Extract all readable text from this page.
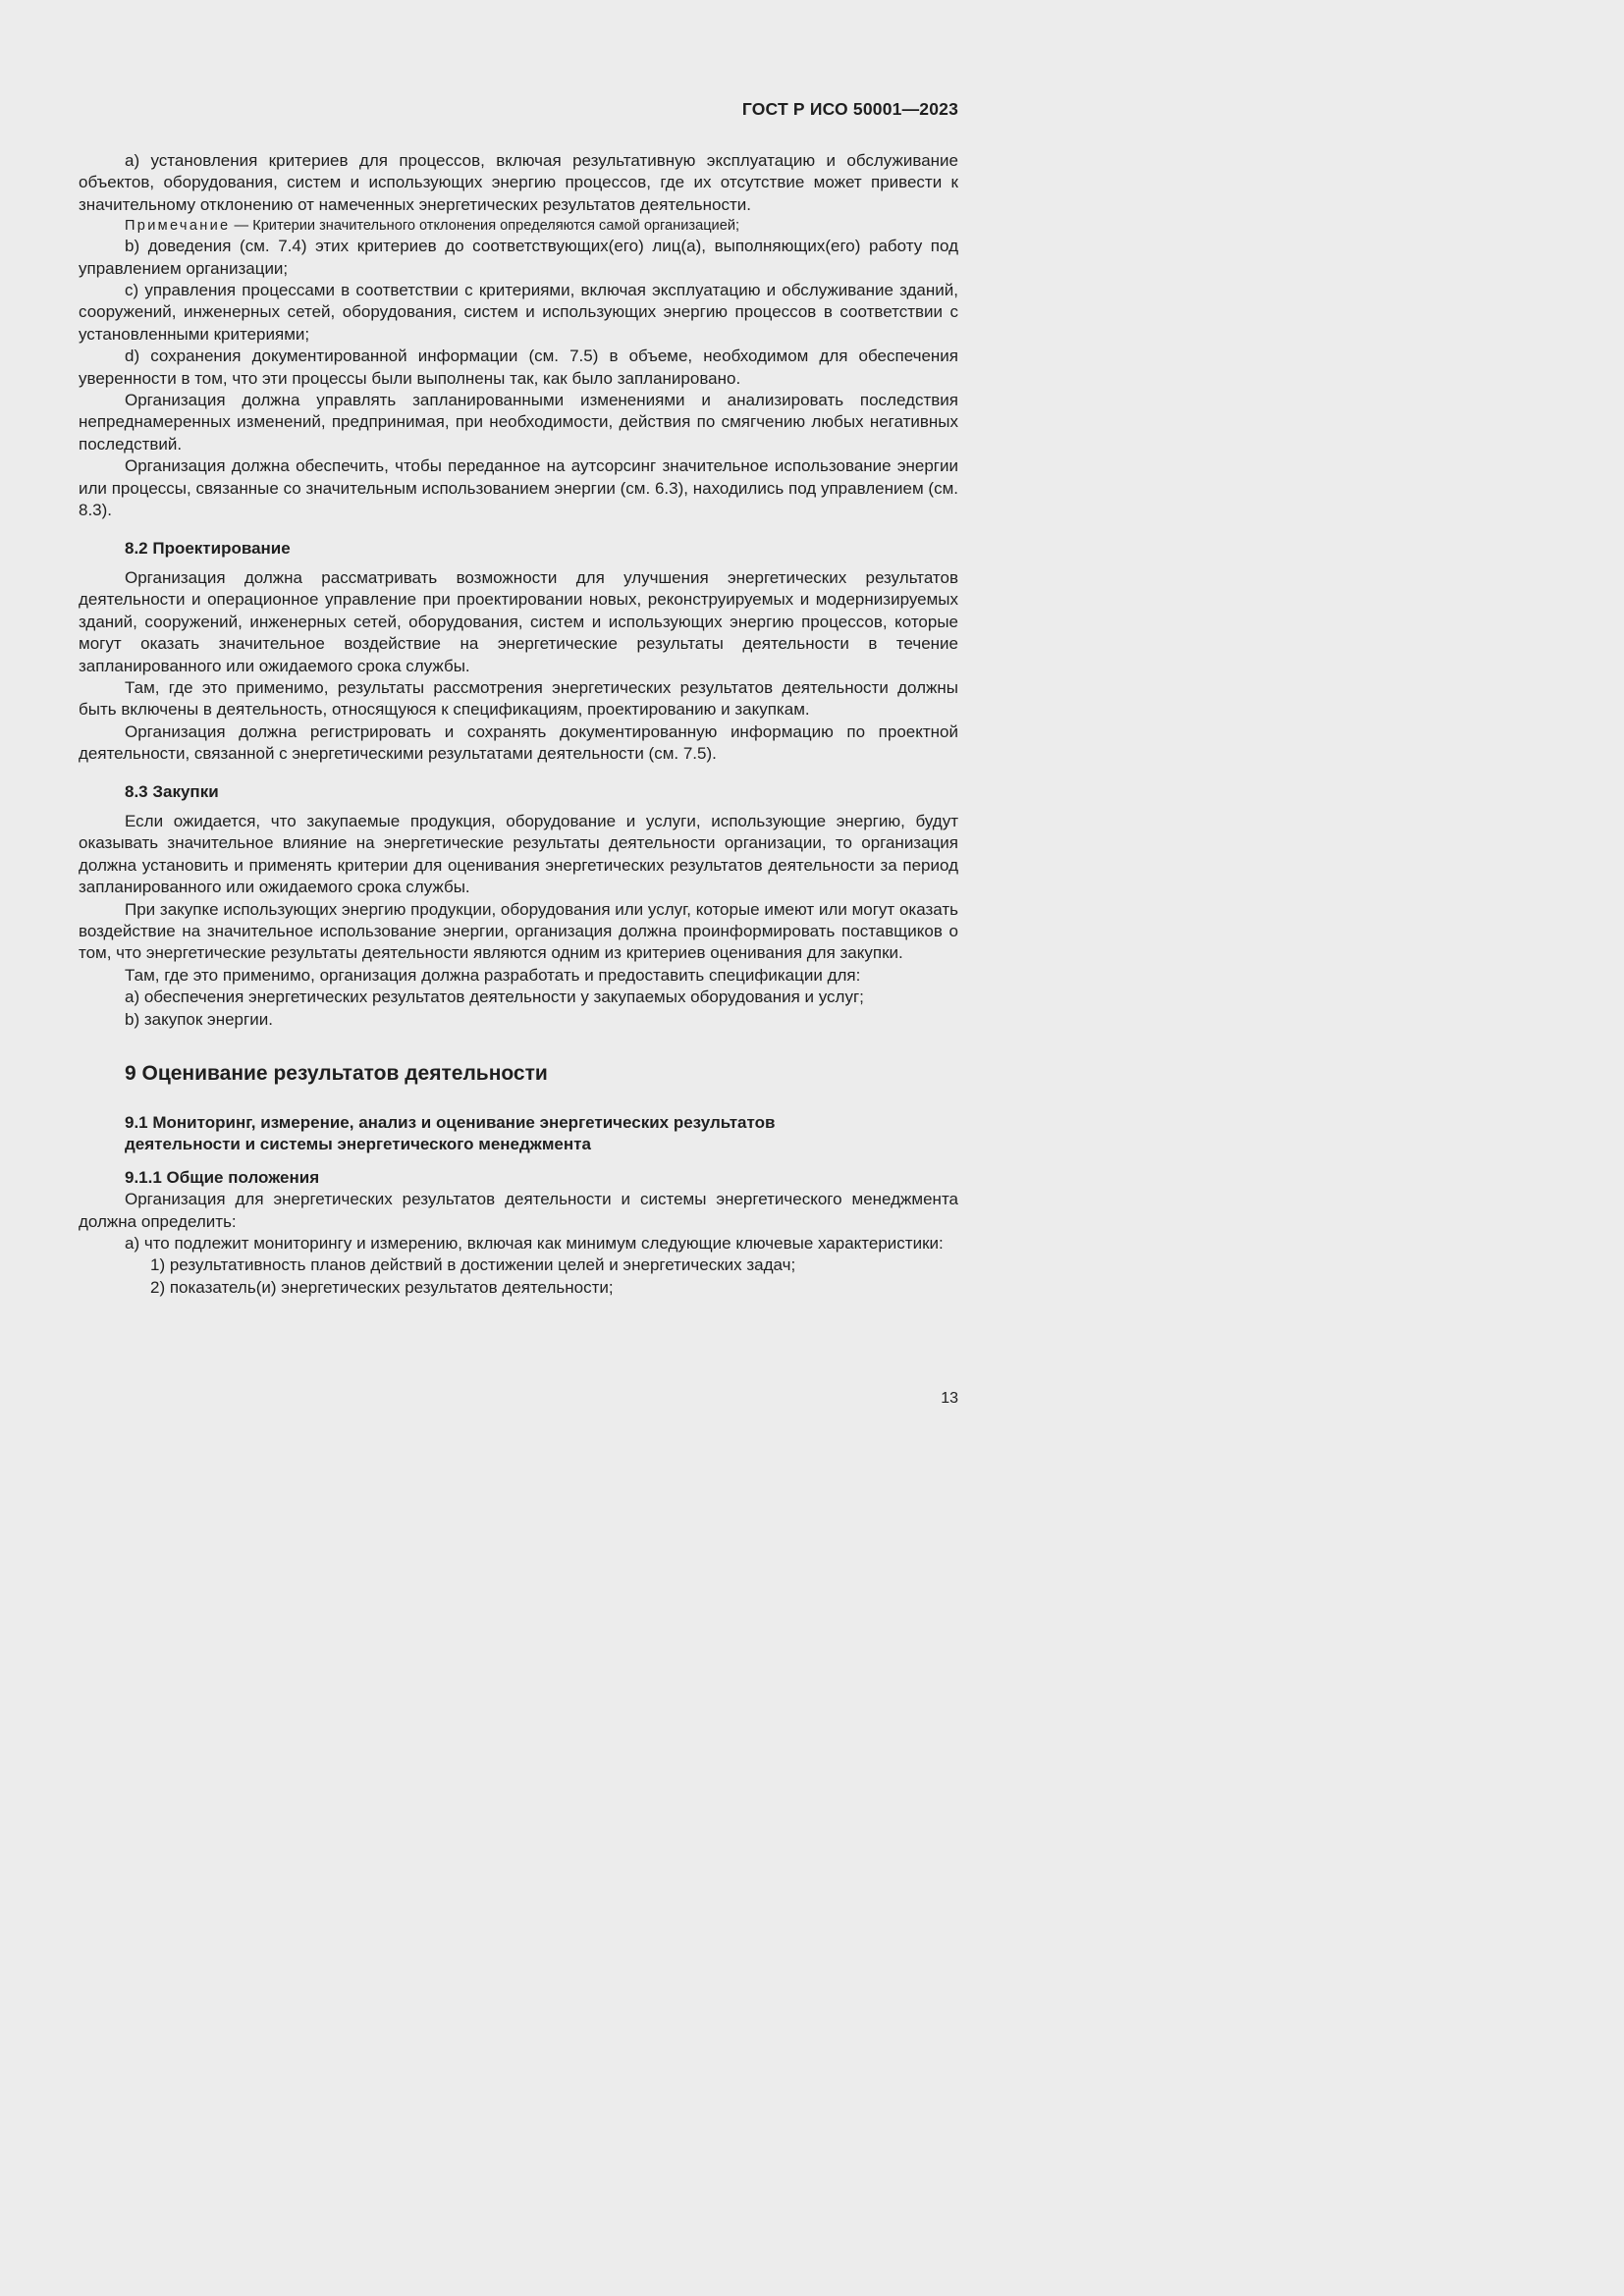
ГОСТ Р ИСО 50001—2023

a) установления критериев для процессов, включая результативную эксплуатацию и обслуживание объектов, оборудования, систем и использующих энергию процессов, где их отсутствие может привести к значительному отклонению от намеченных энергетических результатов деятельности.

Примечание — Критерии значительного отклонения определяются самой организацией;

b) доведения (см. 7.4) этих критериев до соответствующих(его) лиц(а), выполняющих(его) работу под управлением организации;

c) управления процессами в соответствии с критериями, включая эксплуатацию и обслуживание зданий, сооружений, инженерных сетей, оборудования, систем и использующих энергию процессов в соответствии с установленными критериями;

d) сохранения документированной информации (см. 7.5) в объеме, необходимом для обеспечения уверенности в том, что эти процессы были выполнены так, как было запланировано.

Организация должна управлять запланированными изменениями и анализировать последствия непреднамеренных изменений, предпринимая, при необходимости, действия по смягчению любых негативных последствий.

Организация должна обеспечить, чтобы переданное на аутсорсинг значительное использование энергии или процессы, связанные со значительным использованием энергии (см. 6.3), находились под управлением (см. 8.3).

8.2 Проектирование

Организация должна рассматривать возможности для улучшения энергетических результатов деятельности и операционное управление при проектировании новых, реконструируемых и модернизируемых зданий, сооружений, инженерных сетей, оборудования, систем и использующих энергию процессов, которые могут оказать значительное воздействие на энергетические результаты деятельности в течение запланированного или ожидаемого срока службы.

Там, где это применимо, результаты рассмотрения энергетических результатов деятельности должны быть включены в деятельность, относящуюся к спецификациям, проектированию и закупкам.

Организация должна регистрировать и сохранять документированную информацию по проектной деятельности, связанной с энергетическими результатами деятельности (см. 7.5).

8.3 Закупки

Если ожидается, что закупаемые продукция, оборудование и услуги, использующие энергию, будут оказывать значительное влияние на энергетические результаты деятельности организации, то организация должна установить и применять критерии для оценивания энергетических результатов деятельности за период запланированного или ожидаемого срока службы.

При закупке использующих энергию продукции, оборудования или услуг, которые имеют или могут оказать воздействие на значительное использование энергии, организация должна проинформировать поставщиков о том, что энергетические результаты деятельности являются одним из критериев оценивания для закупки.

Там, где это применимо, организация должна разработать и предоставить спецификации для:

a) обеспечения энергетических результатов деятельности у закупаемых оборудования и услуг;

b) закупок энергии.

9 Оценивание результатов деятельности

9.1 Мониторинг, измерение, анализ и оценивание энергетических результатов
деятельности и системы энергетического менеджмента

9.1.1 Общие положения

Организация для энергетических результатов деятельности и системы энергетического менеджмента должна определить:

a) что подлежит мониторингу и измерению, включая как минимум следующие ключевые характеристики:

1) результативность планов действий в достижении целей и энергетических задач;

2) показатель(и) энергетических результатов деятельности;

13
